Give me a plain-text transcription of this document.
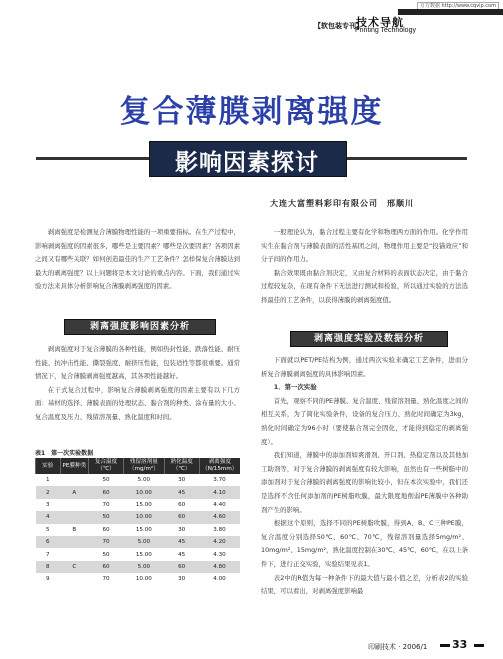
万方数据 http://www.cqvip.com
技术导航
【软包装专刊】
Printing Technology
复合薄膜剥离强度
影响因素探讨
大连大富塑料彩印有限公司　邢顺川

剥离强度是检测复合薄膜物理性能的一项重要指标。在生产过程中，影响剥离强度的因素很多，哪些是主要因素？哪些是次要因素？各项因素之间又有哪些关联？如何创造最佳的生产工艺条件？怎样保复合薄膜达到最大的剥离强度？以上问题将是本文讨论的重点内容。下面，我们通过实验方法来具体分析影响复合薄膜剥离强度的因素。

剥离强度影响因素分析

剥离强度对于复合薄膜的各种性能，例如热封性能、跌落性能、耐压性能、抗冲击性能、撕裂强度、耐挤压性能，包装适性等都很重要。通常情况下，复合薄膜剥离强度越高，其各项性能越好。

在干式复合过程中，影响复合薄膜剥离强度的因素主要有以下几方面：基材的选择、薄膜表面的处理状态、黏合剂的种类、涂布量的大小、复合温度及压力、残留溶剂量、熟化温度和时间。

表1　第一次实验数据
实验	PE膜种类	复合温度（℃）	残留溶剂量（mg/m²）	熟化温度（℃）	剥离强度（N/15mm）
1		50	5.00	30	3.70
2	A	60	10.00	45	4.10
3		70	15.00	60	4.40
4		50	10.00	60	4.60
5	B	60	15.00	30	3.80
6		70	5.00	45	4.20
7		50	15.00	45	4.30
8	C	60	5.00	60	4.80
9		70	10.00	30	4.00

一般理论认为，黏合过程主要有化学和物理两方面的作用。化学作用实生在黏合剂与薄膜表面的活性基团之间，物理作用主要是“投锚效应”和分子间的作用力。

黏合效果既由黏合剂决定，又由复合材料的表面状态决定，由于黏合过程较复杂，在现有条件下无法进行测试和检验，所以通过实验的方法选择最佳的工艺条件，以获得薄膜的剥离强度值。

剥离强度实验及数据分析

下面就以PET/PE结构为例，通过两次实验来确定工艺条件，进而分析复合薄膜剥离强度的具体影响因素。

1．第一次实验

首先，观察不同的PE薄膜、复合温度、残留溶剂量、熟化温度之间的相互关系，为了简化实验条件，设备的复合压力、熟化时间确定为3kg，熟化时间确定为96小时（要使黏合剂完全固化，才能得到稳定的剥离强度）。

我们知道，薄膜中的添加剂如爽滑剂、开口剂、热稳定剂以及其他加工助剂等，对于复合薄膜的剥离强度有较大影响，虽然也有一些树脂中的添加剂对于复合薄膜的剥离强度的影响比较小，但在本次实验中，我们还是选择不含任何添加剂的PE树脂吹膜，最大限度地削弱PE薄膜中各种助剂产生的影响。

根据这个原则，选择不同的PE树脂吹膜，得到A、B、C三种PE膜，复合温度分别选择50℃、60℃、70℃，残留溶剂量选择5mg/m²、10mg/m²、15mg/m²，熟化温度控制在30℃、45℃、60℃，在以上条件下，进行正交实验，实验结果见表1。

表2中的R值为每一种条件下的最大值与最小值之差，分析表2的实验结果，可以看出，对剥离强度影响最

印刷技术 · 2006/1 33
